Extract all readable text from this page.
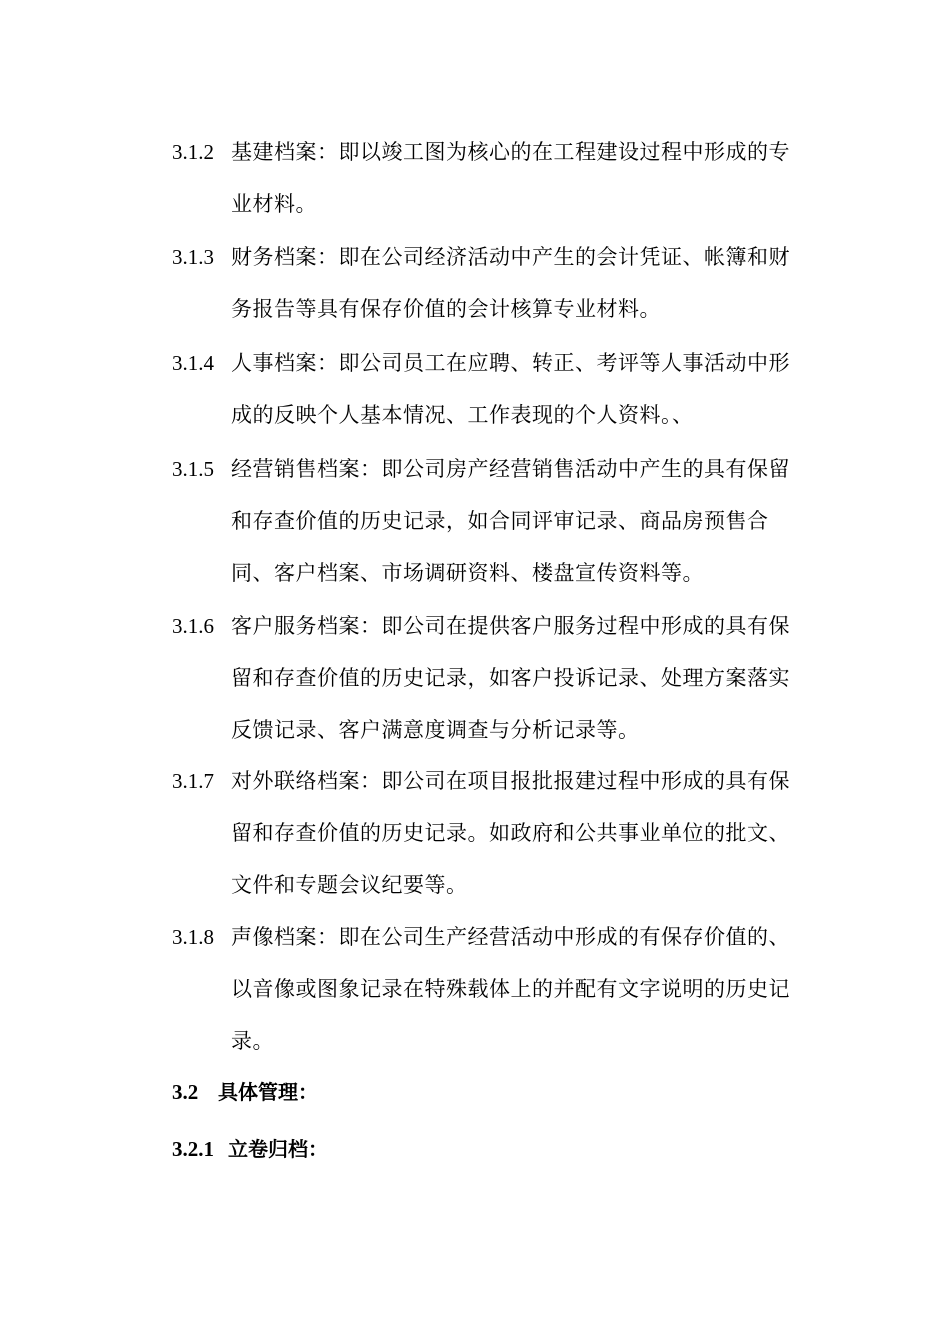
3.1.2 基建档案：即以竣工图为核心的在工程建设过程中形成的专业材料。
3.1.3 财务档案：即在公司经济活动中产生的会计凭证、帐簿和财务报告等具有保存价值的会计核算专业材料。
3.1.4 人事档案：即公司员工在应聘、转正、考评等人事活动中形成的反映个人基本情况、工作表现的个人资料。、
3.1.5 经营销售档案：即公司房产经营销售活动中产生的具有保留和存查价值的历史记录，如合同评审记录、商品房预售合同、客户档案、市场调研资料、楼盘宣传资料等。
3.1.6 客户服务档案：即公司在提供客户服务过程中形成的具有保留和存查价值的历史记录，如客户投诉记录、处理方案落实反馈记录、客户满意度调查与分析记录等。
3.1.7 对外联络档案：即公司在项目报批报建过程中形成的具有保留和存查价值的历史记录。如政府和公共事业单位的批文、文件和专题会议纪要等。
3.1.8 声像档案：即在公司生产经营活动中形成的有保存价值的、以音像或图象记录在特殊载体上的并配有文字说明的历史记录。
3.2 具体管理：
3.2.1 立卷归档：
